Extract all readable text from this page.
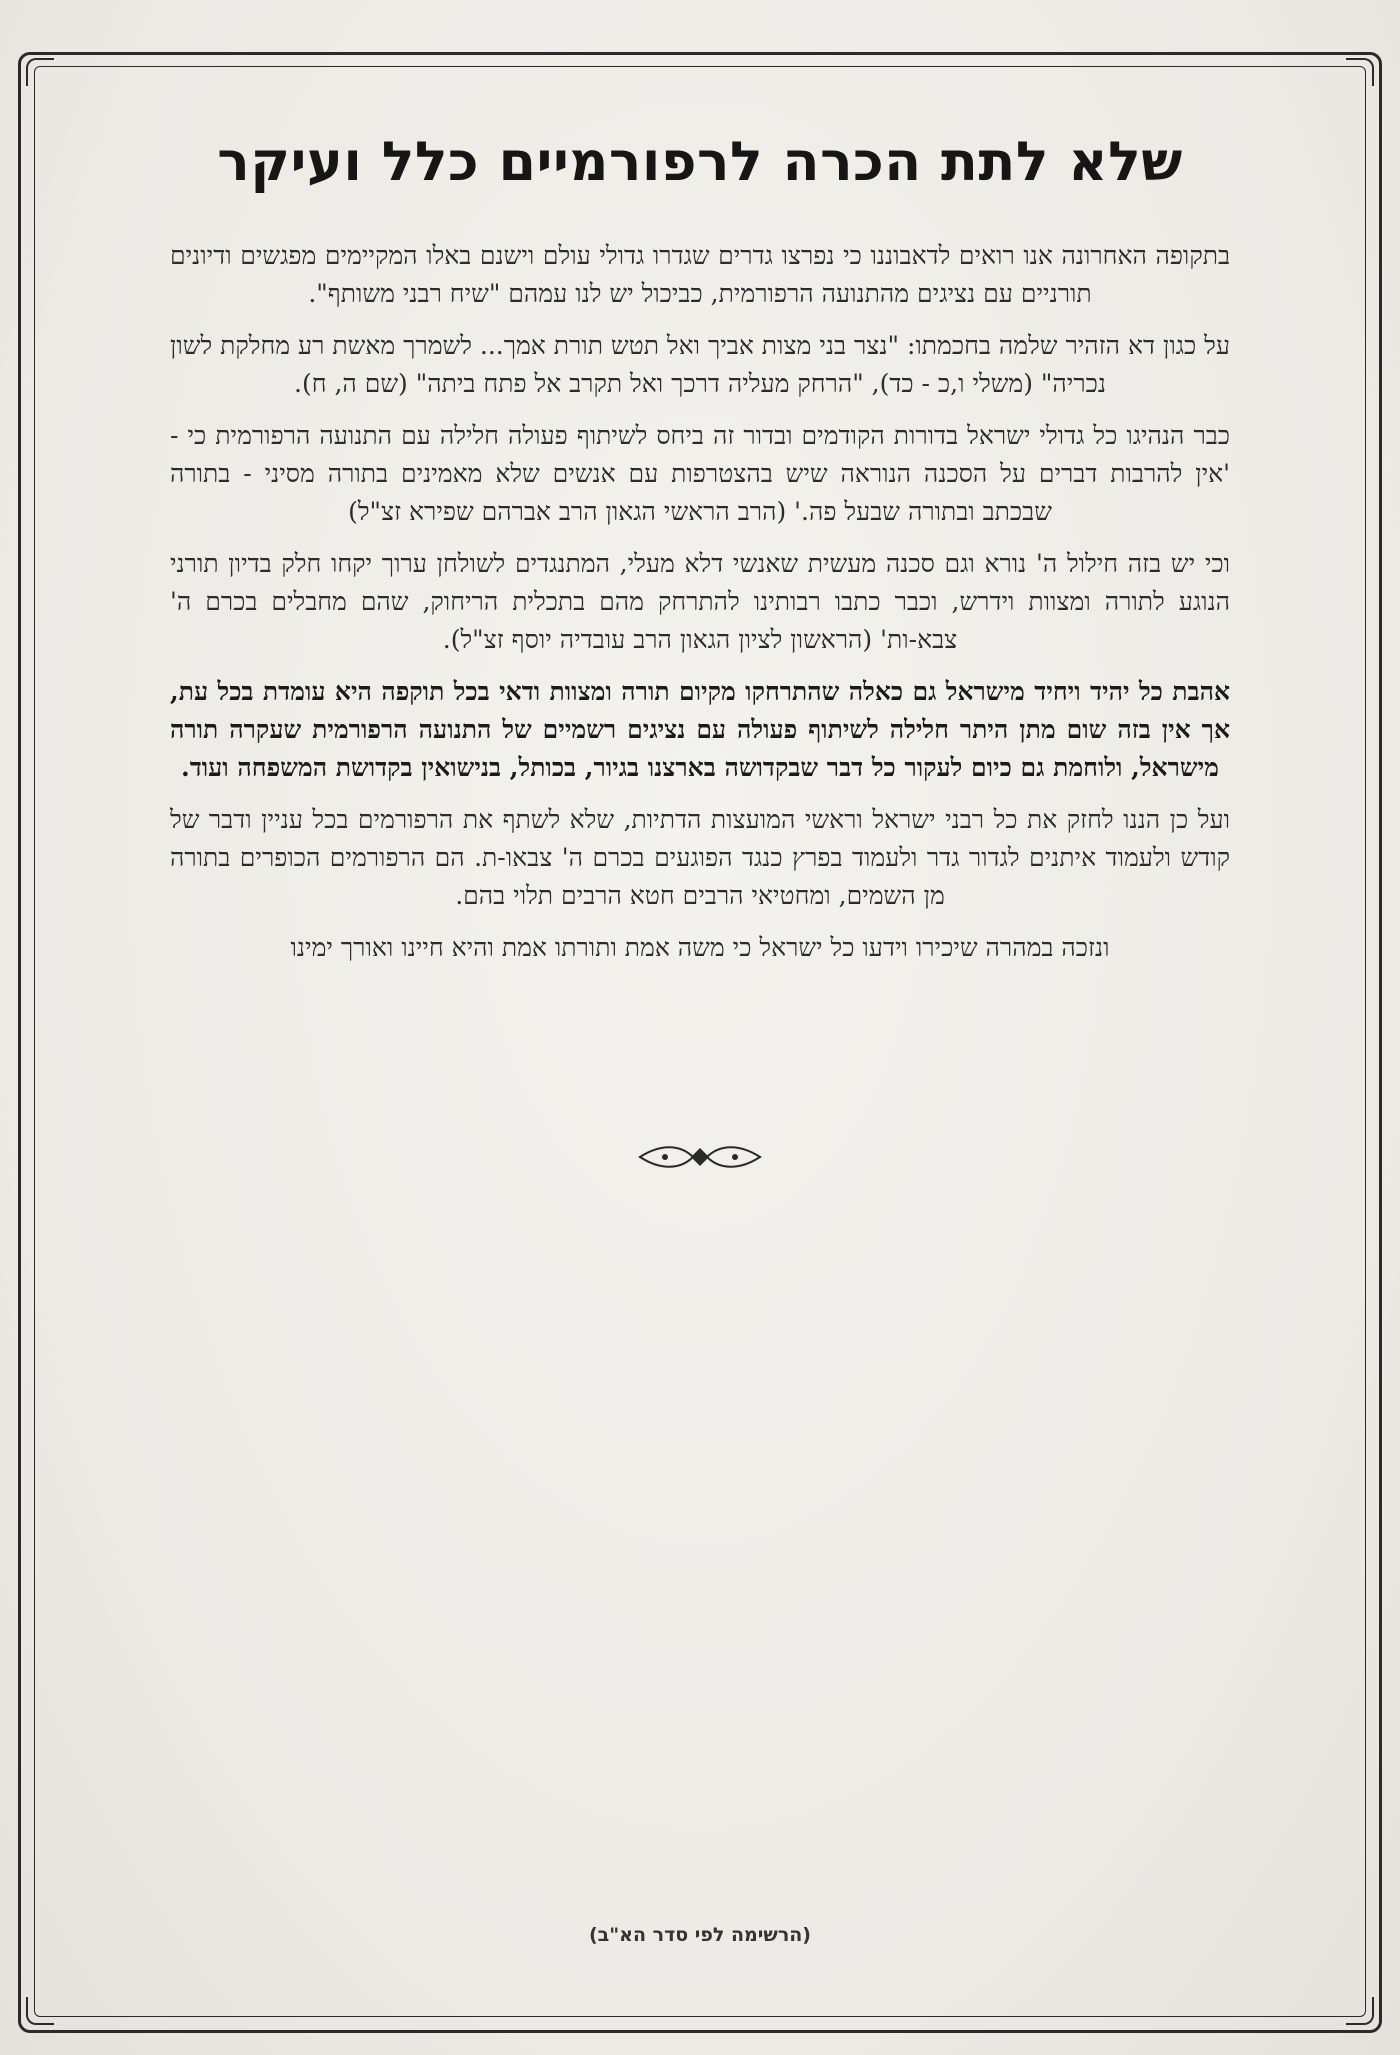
שלא לתת הכרה לרפורמיים כלל ועיקר

בתקופה האחרונה אנו רואים לדאבוננו כי נפרצו גדרים שגדרו גדולי עולם וישנם באלו המקיימים מפגשים ודיונים תורניים עם נציגים מהתנועה הרפורמית, כביכול יש לנו עמהם "שיח רבני משותף".

על כגון דא הזהיר שלמה בחכמתו: "נצר בני מצות אביך ואל תטש תורת אמך... לשמרך מאשת רע מחלקת לשון נכריה" (משלי ו,כ - כד), "הרחק מעליה דרכך ואל תקרב אל פתח ביתה" (שם ה, ח).

כבר הנהיגו כל גדולי ישראל בדורות הקודמים ובדור זה ביחס לשיתוף פעולה חלילה עם התנועה הרפורמית כי - 'אין להרבות דברים על הסכנה הנוראה שיש בהצטרפות עם אנשים שלא מאמינים בתורה מסיני - בתורה שבכתב ובתורה שבעל פה.' (הרב הראשי הגאון הרב אברהם שפירא זצ"ל)

וכי יש בזה חילול ה' נורא וגם סכנה מעשית שאנשי דלא מעלי, המתנגדים לשולחן ערוך יקחו חלק בדיון תורני הנוגע לתורה ומצוות וידרש, וכבר כתבו רבותינו להתרחק מהם בתכלית הריחוק, שהם מחבלים בכרם ה' צבא-ות' (הראשון לציון הגאון הרב עובדיה יוסף זצ"ל).

אהבת כל יהיד ויחיד מישראל גם כאלה שהתרחקו מקיום תורה ומצוות ודאי בכל תוקפה היא עומדת בכל עת, אך אין בזה שום מתן היתר חלילה לשיתוף פעולה עם נציגים רשמיים של התנועה הרפורמית שעקרה תורה מישראל, ולוחמת גם כיום לעקור כל דבר שבקדושה בארצנו בגיור, בכותל, בנישואין בקדושת המשפחה ועוד.

ועל כן הננו לחזק את כל רבני ישראל וראשי המועצות הדתיות, שלא לשתף את הרפורמים בכל עניין ודבר של קודש ולעמוד איתנים לגדור גדר ולעמוד בפרץ כנגד הפוגעים בכרם ה' צבאו-ת. הם הרפורמים הכופרים בתורה מן השמים, ומחטיאי הרבים חטא הרבים תלוי בהם.

ונזכה במהרה שיכירו וידעו כל ישראל כי משה אמת ותורתו אמת והיא חיינו ואורך ימינו

(הרשימה לפי סדר הא"ב)
